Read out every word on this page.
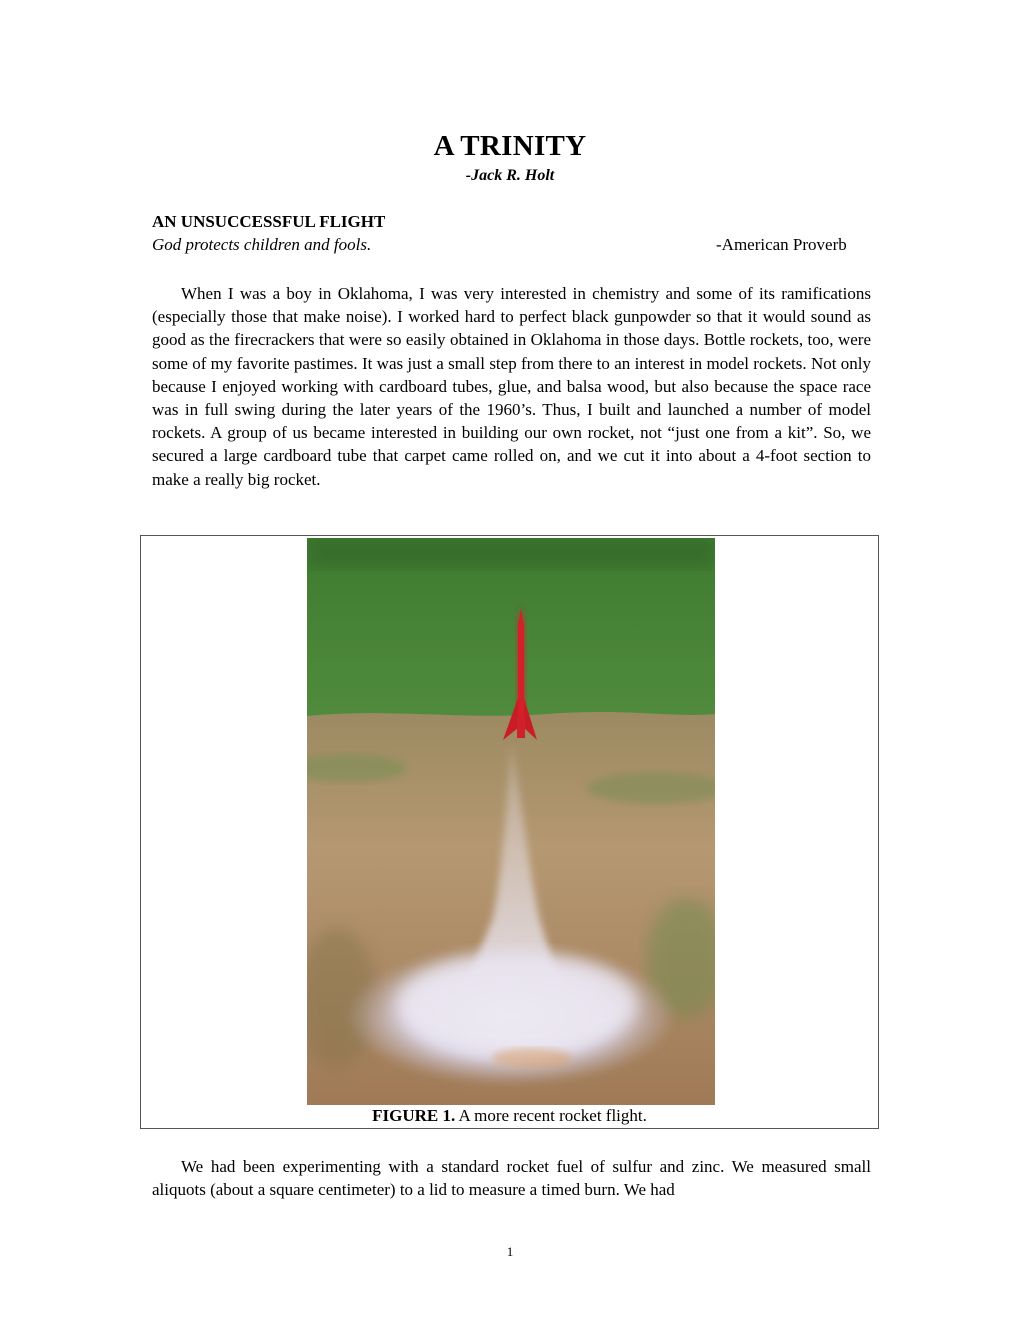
A TRINITY
-Jack R. Holt
AN UNSUCCESSFUL FLIGHT
God protects children and fools.	-American Proverb

When I was a boy in Oklahoma, I was very interested in chemistry and some of its ramifications (especially those that make noise). I worked hard to perfect black gunpowder so that it would sound as good as the firecrackers that were so easily obtained in Oklahoma in those days. Bottle rockets, too, were some of my favorite pastimes. It was just a small step from there to an interest in model rockets. Not only because I enjoyed working with cardboard tubes, glue, and balsa wood, but also because the space race was in full swing during the later years of the 1960’s. Thus, I built and launched a number of model rockets. A group of us became interested in building our own rocket, not “just one from a kit”. So, we secured a large cardboard tube that carpet came rolled on, and we cut it into about a 4-foot section to make a really big rocket.

FIGURE 1. A more recent rocket flight.

We had been experimenting with a standard rocket fuel of sulfur and zinc. We measured small aliquots (about a square centimeter) to a lid to measure a timed burn. We had

1
